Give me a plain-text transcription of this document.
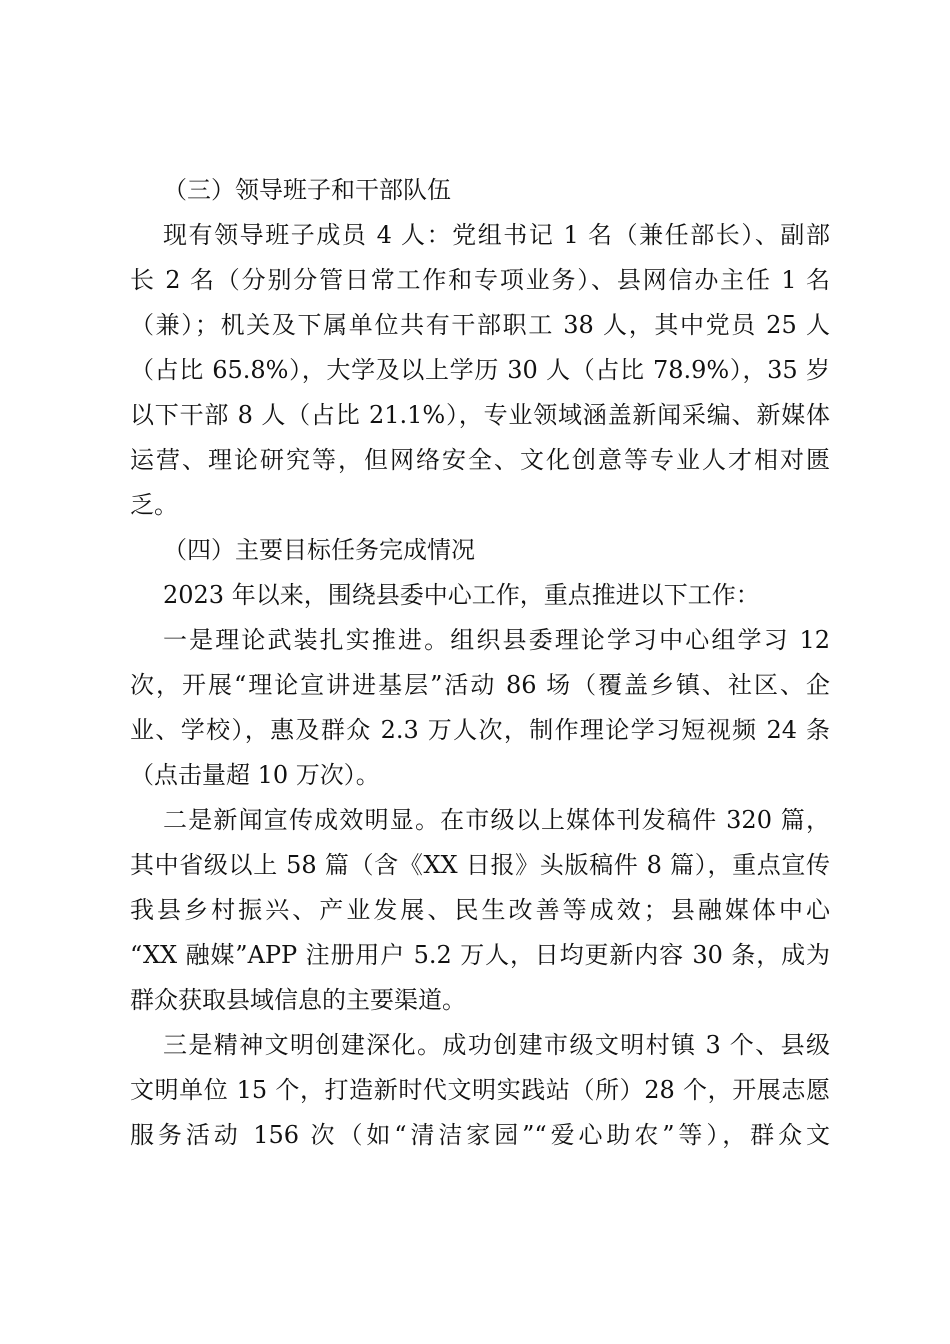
（三）领导班子和干部队伍
现有领导班子成员 4 人：党组书记 1 名（兼任部长）、副部
长 2 名（分别分管日常工作和专项业务）、县网信办主任 1 名
（兼）；机关及下属单位共有干部职工 38 人，其中党员 25 人
（占比 65.8%），大学及以上学历 30 人（占比 78.9%），35 岁
以下干部 8 人（占比 21.1%），专业领域涵盖新闻采编、新媒体
运营、理论研究等，但网络安全、文化创意等专业人才相对匮
乏。
（四）主要目标任务完成情况
2023 年以来，围绕县委中心工作，重点推进以下工作：
一是理论武装扎实推进。组织县委理论学习中心组学习 12
次，开展“理论宣讲进基层”活动 86 场（覆盖乡镇、社区、企
业、学校），惠及群众 2.3 万人次，制作理论学习短视频 24 条
（点击量超 10 万次）。
二是新闻宣传成效明显。在市级以上媒体刊发稿件 320 篇，
其中省级以上 58 篇（含《XX 日报》头版稿件 8 篇），重点宣传
我县乡村振兴、产业发展、民生改善等成效；县融媒体中心
“XX 融媒”APP 注册用户 5.2 万人，日均更新内容 30 条，成为
群众获取县域信息的主要渠道。
三是精神文明创建深化。成功创建市级文明村镇 3 个、县级
文明单位 15 个，打造新时代文明实践站（所）28 个，开展志愿
服务活动 156 次（如“清洁家园”“爱心助农”等），群众文
